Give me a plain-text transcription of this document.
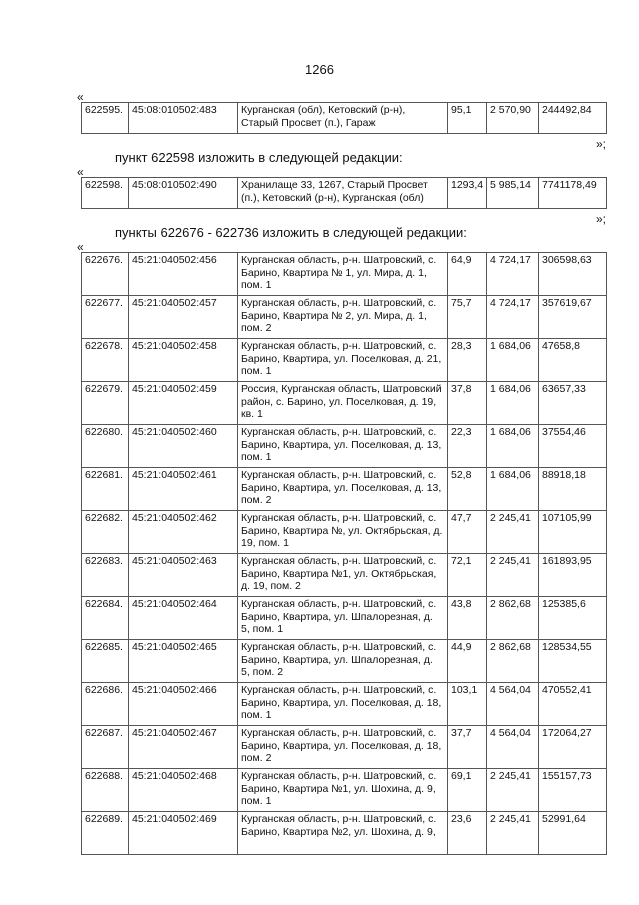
1266
«
622595.	45:08:010502:483	Курганская (обл), Кетовский (р-н), Старый Просвет (п.), Гараж	95,1	2 570,90	244492,84
»;
пункт 622598 изложить в следующей редакции:
«
622598.	45:08:010502:490	Хранилаще 33, 1267, Старый Просвет (п.), Кетовский (р-н), Курганская (обл)	1293,4	5 985,14	7741178,49
»;
пункты 622676 - 622736 изложить в следующей редакции:
«
622676.	45:21:040502:456	Курганская область, р-н. Шатровский, с. Барино, Квартира № 1, ул. Мира, д. 1, пом. 1	64,9	4 724,17	306598,63
622677.	45:21:040502:457	Курганская область, р-н. Шатровский, с. Барино, Квартира № 2, ул. Мира, д. 1, пом. 2	75,7	4 724,17	357619,67
622678.	45:21:040502:458	Курганская область, р-н. Шатровский, с. Барино, Квартира, ул. Поселковая, д. 21, пом. 1	28,3	1 684,06	47658,8
622679.	45:21:040502:459	Россия, Курганская область, Шатровский район, с. Барино, ул. Поселковая, д. 19, кв. 1	37,8	1 684,06	63657,33
622680.	45:21:040502:460	Курганская область, р-н. Шатровский, с. Барино, Квартира, ул. Поселковая, д. 13, пом. 1	22,3	1 684,06	37554,46
622681.	45:21:040502:461	Курганская область, р-н. Шатровский, с. Барино, Квартира, ул. Поселковая, д. 13, пом. 2	52,8	1 684,06	88918,18
622682.	45:21:040502:462	Курганская область, р-н. Шатровский, с. Барино, Квартира №, ул. Октябрьская, д. 19, пом. 1	47,7	2 245,41	107105,99
622683.	45:21:040502:463	Курганская область, р-н. Шатровский, с. Барино, Квартира №1, ул. Октябрьская, д. 19, пом. 2	72,1	2 245,41	161893,95
622684.	45:21:040502:464	Курганская область, р-н. Шатровский, с. Барино, Квартира, ул. Шпалорезная, д. 5, пом. 1	43,8	2 862,68	125385,6
622685.	45:21:040502:465	Курганская область, р-н. Шатровский, с. Барино, Квартира, ул. Шпалорезная, д. 5, пом. 2	44,9	2 862,68	128534,55
622686.	45:21:040502:466	Курганская область, р-н. Шатровский, с. Барино, Квартира, ул. Поселковая, д. 18, пом. 1	103,1	4 564,04	470552,41
622687.	45:21:040502:467	Курганская область, р-н. Шатровский, с. Барино, Квартира, ул. Поселковая, д. 18, пом. 2	37,7	4 564,04	172064,27
622688.	45:21:040502:468	Курганская область, р-н. Шатровский, с. Барино, Квартира №1, ул. Шохина, д. 9, пом. 1	69,1	2 245,41	155157,73
622689.	45:21:040502:469	Курганская область, р-н. Шатровский, с. Барино, Квартира №2, ул. Шохина, д. 9,	23,6	2 245,41	52991,64
